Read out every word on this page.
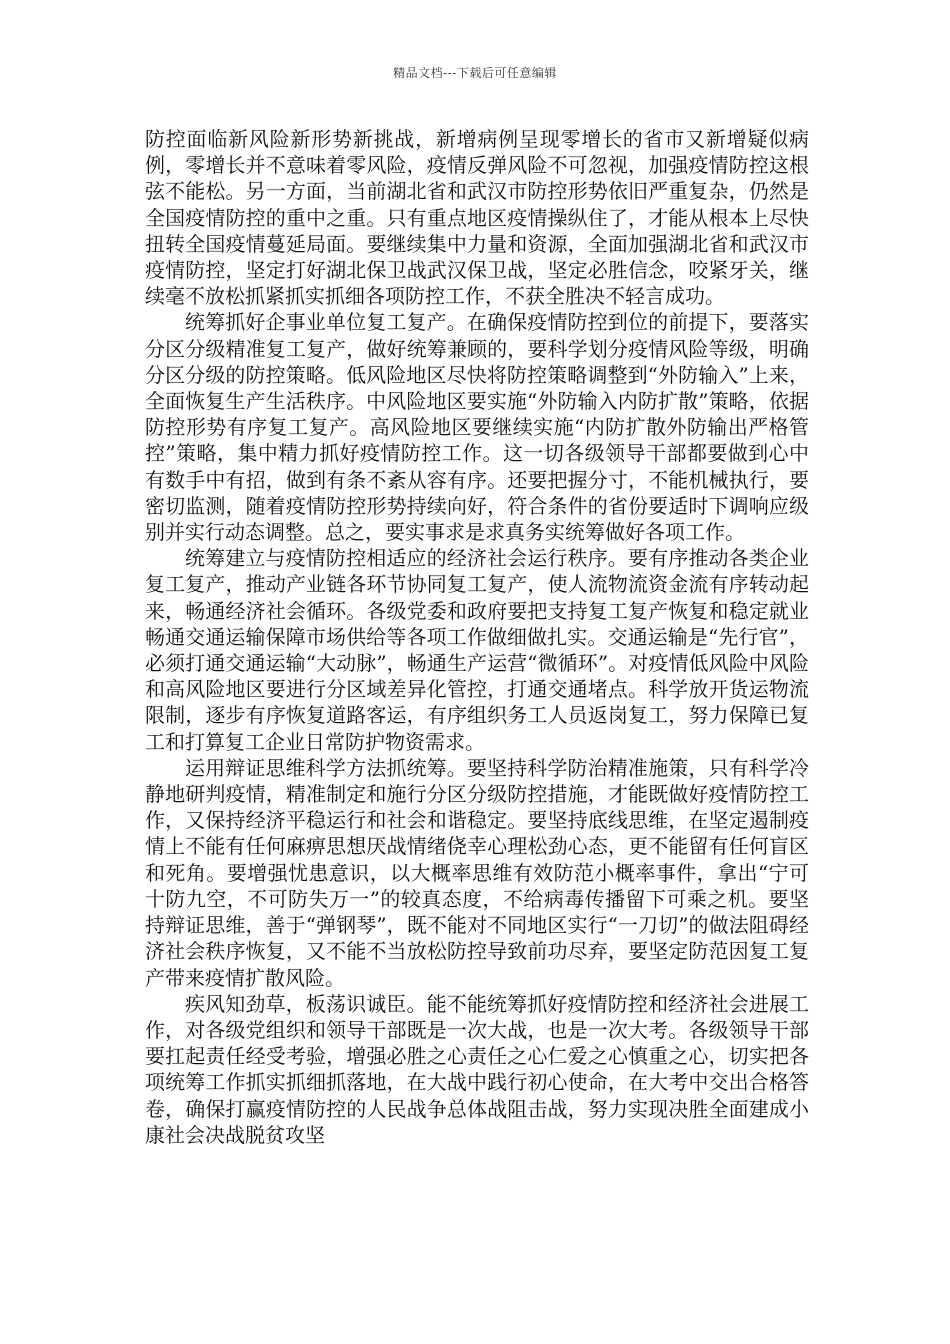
精品文档---下载后可任意编辑

防控面临新风险新形势新挑战，新增病例呈现零增长的省市又新增疑似病例，零增长并不意味着零风险，疫情反弹风险不可忽视，加强疫情防控这根弦不能松。另一方面，当前湖北省和武汉市防控形势依旧严重复杂，仍然是全国疫情防控的重中之重。只有重点地区疫情操纵住了，才能从根本上尽快扭转全国疫情蔓延局面。要继续集中力量和资源，全面加强湖北省和武汉市疫情防控，坚定打好湖北保卫战武汉保卫战，坚定必胜信念，咬紧牙关，继续毫不放松抓紧抓实抓细各项防控工作，不获全胜决不轻言成功。

统筹抓好企事业单位复工复产。在确保疫情防控到位的前提下，要落实分区分级精准复工复产，做好统筹兼顾的，要科学划分疫情风险等级，明确分区分级的防控策略。低风险地区尽快将防控策略调整到“外防输入”上来，全面恢复生产生活秩序。中风险地区要实施“外防输入内防扩散”策略，依据防控形势有序复工复产。高风险地区要继续实施“内防扩散外防输出严格管控”策略，集中精力抓好疫情防控工作。这一切各级领导干部都要做到心中有数手中有招，做到有条不紊从容有序。还要把握分寸，不能机械执行，要密切监测，随着疫情防控形势持续向好，符合条件的省份要适时下调响应级别并实行动态调整。总之，要实事求是求真务实统筹做好各项工作。

统筹建立与疫情防控相适应的经济社会运行秩序。要有序推动各类企业复工复产，推动产业链各环节协同复工复产，使人流物流资金流有序转动起来，畅通经济社会循环。各级党委和政府要把支持复工复产恢复和稳定就业畅通交通运输保障市场供给等各项工作做细做扎实。交通运输是“先行官”，必须打通交通运输“大动脉”，畅通生产运营“微循环”。对疫情低风险中风险和高风险地区要进行分区域差异化管控，打通交通堵点。科学放开货运物流限制，逐步有序恢复道路客运，有序组织务工人员返岗复工，努力保障已复工和打算复工企业日常防护物资需求。

运用辩证思维科学方法抓统筹。要坚持科学防治精准施策，只有科学冷静地研判疫情，精准制定和施行分区分级防控措施，才能既做好疫情防控工作，又保持经济平稳运行和社会和谐稳定。要坚持底线思维，在坚定遏制疫情上不能有任何麻痹思想厌战情绪侥幸心理松劲心态，更不能留有任何盲区和死角。要增强忧患意识，以大概率思维有效防范小概率事件，拿出“宁可十防九空，不可防失万一”的较真态度，不给病毒传播留下可乘之机。要坚持辩证思维，善于“弹钢琴”，既不能对不同地区实行“一刀切”的做法阻碍经济社会秩序恢复，又不能不当放松防控导致前功尽弃，要坚定防范因复工复产带来疫情扩散风险。

疾风知劲草，板荡识诚臣。能不能统筹抓好疫情防控和经济社会进展工作，对各级党组织和领导干部既是一次大战，也是一次大考。各级领导干部要扛起责任经受考验，增强必胜之心责任之心仁爱之心慎重之心，切实把各项统筹工作抓实抓细抓落地，在大战中践行初心使命，在大考中交出合格答卷，确保打赢疫情防控的人民战争总体战阻击战，努力实现决胜全面建成小康社会决战脱贫攻坚
